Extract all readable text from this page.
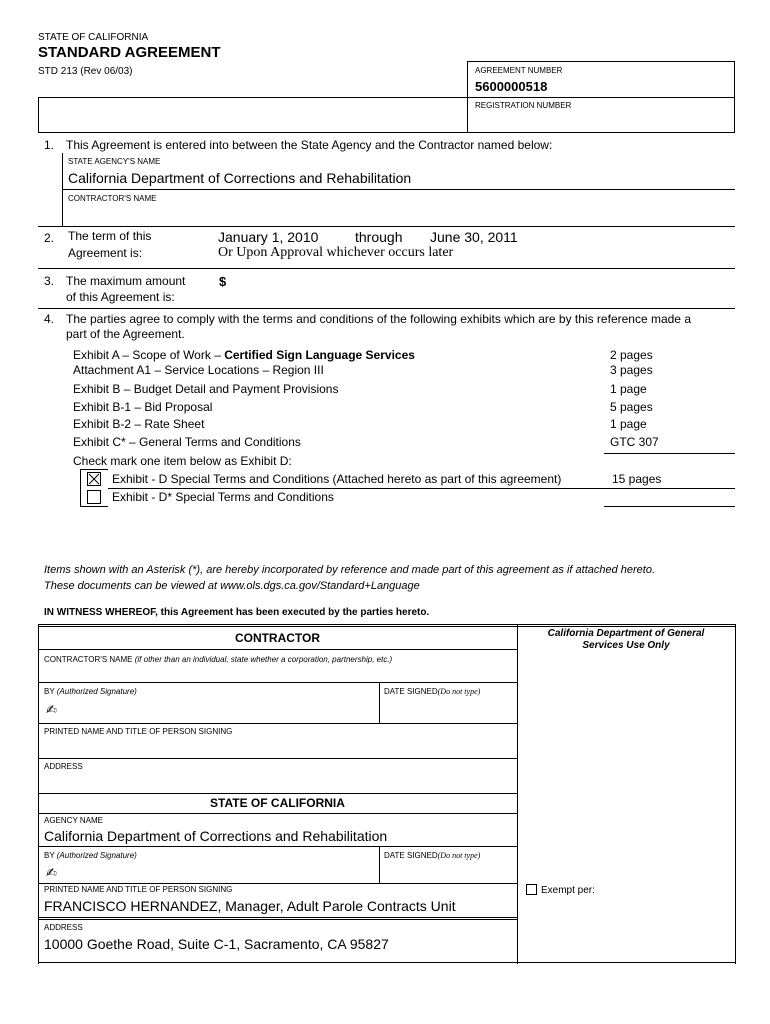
STATE OF CALIFORNIA
STANDARD AGREEMENT
STD 213 (Rev 06/03)	AGREEMENT NUMBER
5600000518
REGISTRATION NUMBER
1. This Agreement is entered into between the State Agency and the Contractor named below:
STATE AGENCY'S NAME
California Department of Corrections and Rehabilitation
CONTRACTOR'S NAME
2. The term of this
Agreement is:
January 1, 2010	through June 30, 2011
Or Upon Approval whichever occurs later
3. The maximum amount
of this Agreement is:
$
4. The parties agree to comply with the terms and conditions of the following exhibits which are by this reference made a
part of the Agreement.
Exhibit A – Scope of Work – Certified Sign Language Services	2 pages
Attachment A1 – Service Locations – Region III	3 pages
Exhibit B – Budget Detail and Payment Provisions	1 page
Exhibit B-1 – Bid Proposal	5 pages
Exhibit B-2 – Rate Sheet	1 page
Exhibit C* – General Terms and Conditions	GTC 307
Check mark one item below as Exhibit D:
Exhibit - D Special Terms and Conditions (Attached hereto as part of this agreement)	15 pages
Exhibit - D* Special Terms and Conditions
Items shown with an Asterisk (*), are hereby incorporated by reference and made part of this agreement as if attached hereto.
These documents can be viewed at www.ols.dgs.ca.gov/Standard+Language
IN WITNESS WHEREOF, this Agreement has been executed by the parties hereto.
CONTRACTOR
CONTRACTOR'S NAME (if other than an individual, state whether a corporation, partnership, etc.)
BY (Authorized Signature)	DATE SIGNED(Do not type)
✍
PRINTED NAME AND TITLE OF PERSON SIGNING
ADDRESS
STATE OF CALIFORNIA
AGENCY NAME
California Department of Corrections and Rehabilitation
BY (Authorized Signature)	DATE SIGNED(Do not type)
✍
PRINTED NAME AND TITLE OF PERSON SIGNING
FRANCISCO HERNANDEZ, Manager, Adult Parole Contracts Unit
ADDRESS
10000 Goethe Road, Suite C-1, Sacramento, CA 95827
California Department of General
Services Use Only
Exempt per:
